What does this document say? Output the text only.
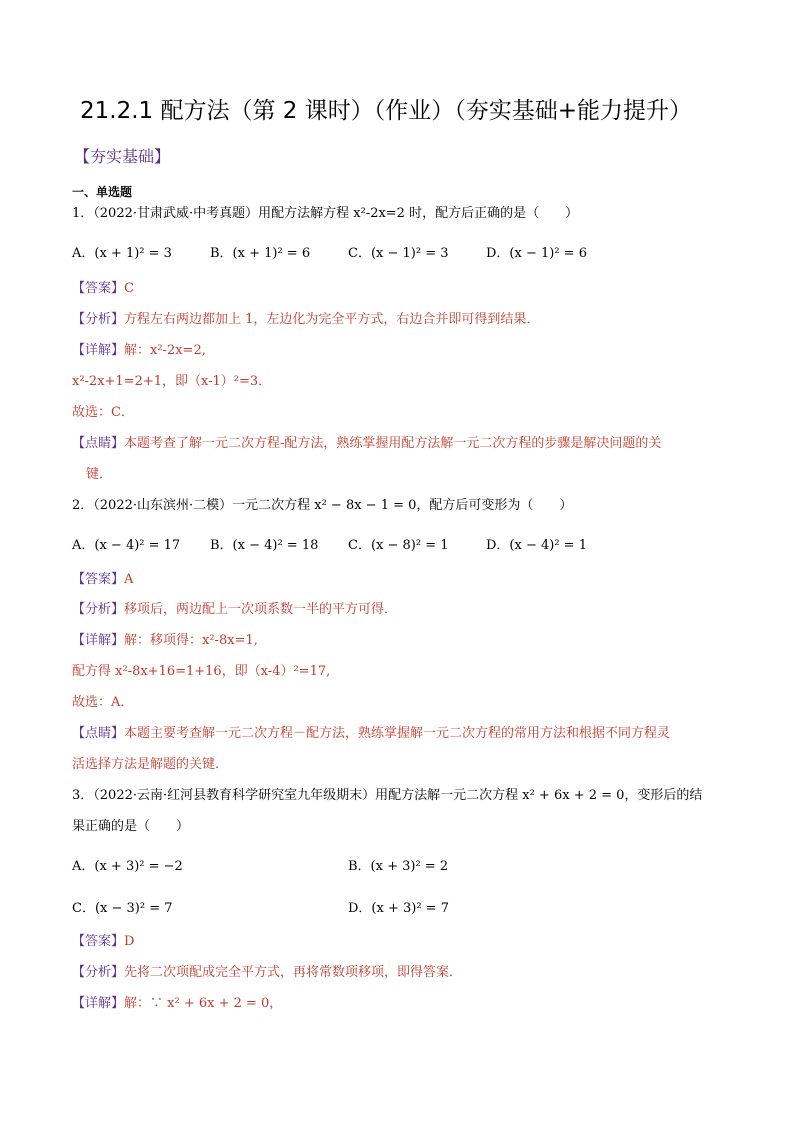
21.2.1 配方法（第 2 课时）（作业）（夯实基础+能力提升）
【夯实基础】
一、单选题
1．（2022·甘肃武威·中考真题）用配方法解方程 x²-2x=2 时，配方后正确的是（　　）
A．(x + 1)² = 3	B．(x + 1)² = 6	C．(x − 1)² = 3	D．(x − 1)² = 6
【答案】C
【分析】方程左右两边都加上 1，左边化为完全平方式，右边合并即可得到结果．
【详解】解：x²-2x=2,
x²-2x+1=2+1，即（x-1）²=3．
故选：C．
【点睛】本题考查了解一元二次方程-配方法，熟练掌握用配方法解一元二次方程的步骤是解决问题的关
键．
2．（2022·山东滨州·二模）一元二次方程 x² − 8x − 1 = 0，配方后可变形为（　　）
A．(x − 4)² = 17 B．(x − 4)² = 18 C．(x − 8)² = 1	D．(x − 4)² = 1
【答案】A
【分析】移项后，两边配上一次项系数一半的平方可得．
【详解】解：移项得：x²-8x=1,
配方得 x²-8x+16=1+16，即（x-4）²=17,
故选：A．
【点睛】本题主要考查解一元二次方程－配方法，熟练掌握解一元二次方程的常用方法和根据不同方程灵
活选择方法是解题的关键．
3．（2022·云南·红河县教育科学研究室九年级期末）用配方法解一元二次方程 x² + 6x + 2 = 0，变形后的结
果正确的是（　　）
A．(x + 3)² = −2	B．(x + 3)² = 2
C．(x − 3)² = 7	D．(x + 3)² = 7
【答案】D
【分析】先将二次项配成完全平方式，再将常数项移项，即得答案．
【详解】解：∵ x² + 6x + 2 = 0，
